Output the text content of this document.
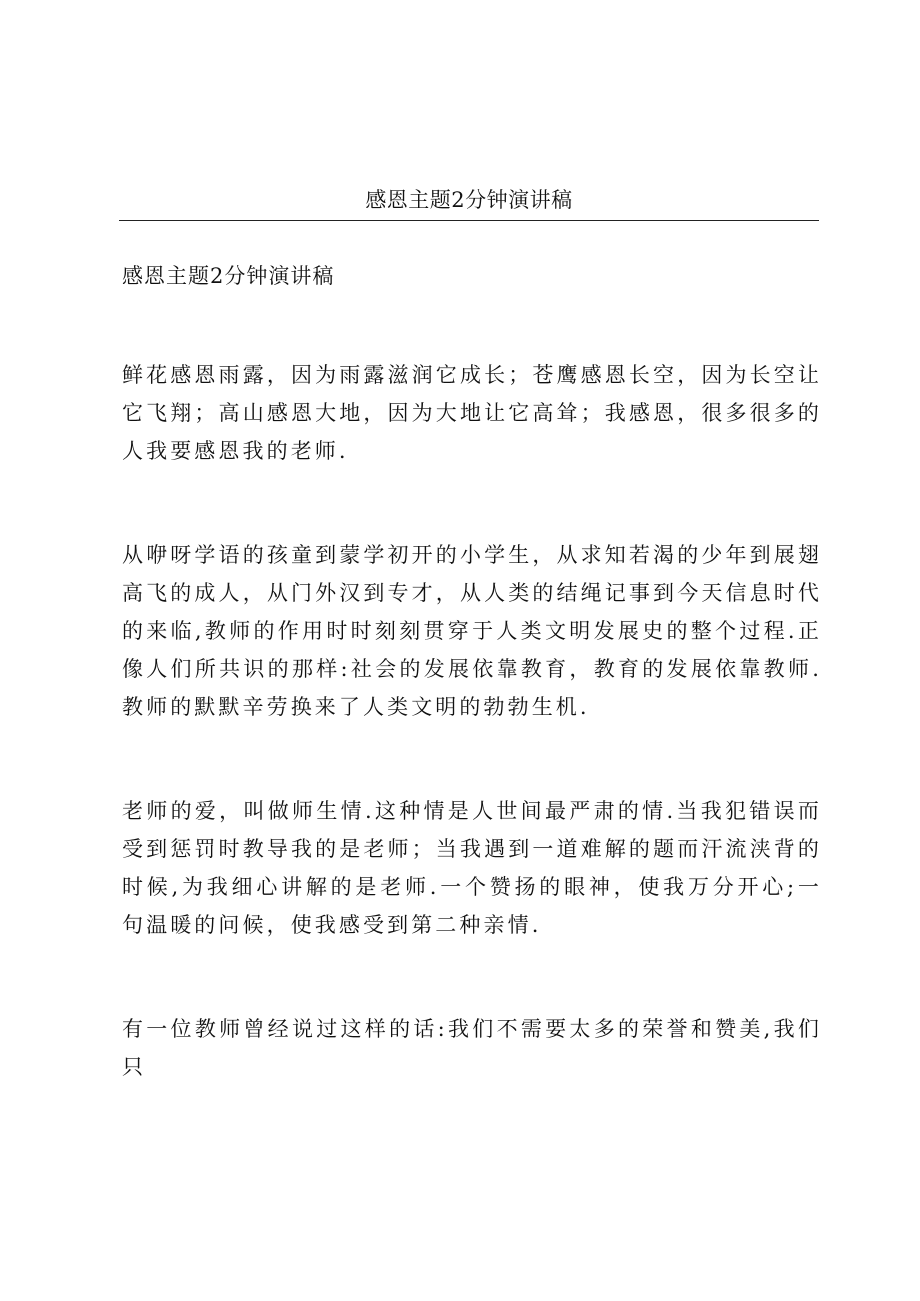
感恩主题2分钟演讲稿
感恩主题2分钟演讲稿

鲜花感恩雨露，因为雨露滋润它成长；苍鹰感恩长空，因为长空让它飞翔；高山感恩大地，因为大地让它高耸；我感恩，很多很多的人我要感恩我的老师.

从咿呀学语的孩童到蒙学初开的小学生，从求知若渴的少年到展翅高飞的成人，从门外汉到专才，从人类的结绳记事到今天信息时代的来临,教师的作用时时刻刻贯穿于人类文明发展史的整个过程.正像人们所共识的那样:社会的发展依靠教育，教育的发展依靠教师.教师的默默辛劳换来了人类文明的勃勃生机.

老师的爱，叫做师生情.这种情是人世间最严肃的情.当我犯错误而受到惩罚时教导我的是老师；当我遇到一道难解的题而汗流浃背的时候,为我细心讲解的是老师.一个赞扬的眼神，使我万分开心;一句温暖的问候，使我感受到第二种亲情.

有一位教师曾经说过这样的话:我们不需要太多的荣誉和赞美,我们只
